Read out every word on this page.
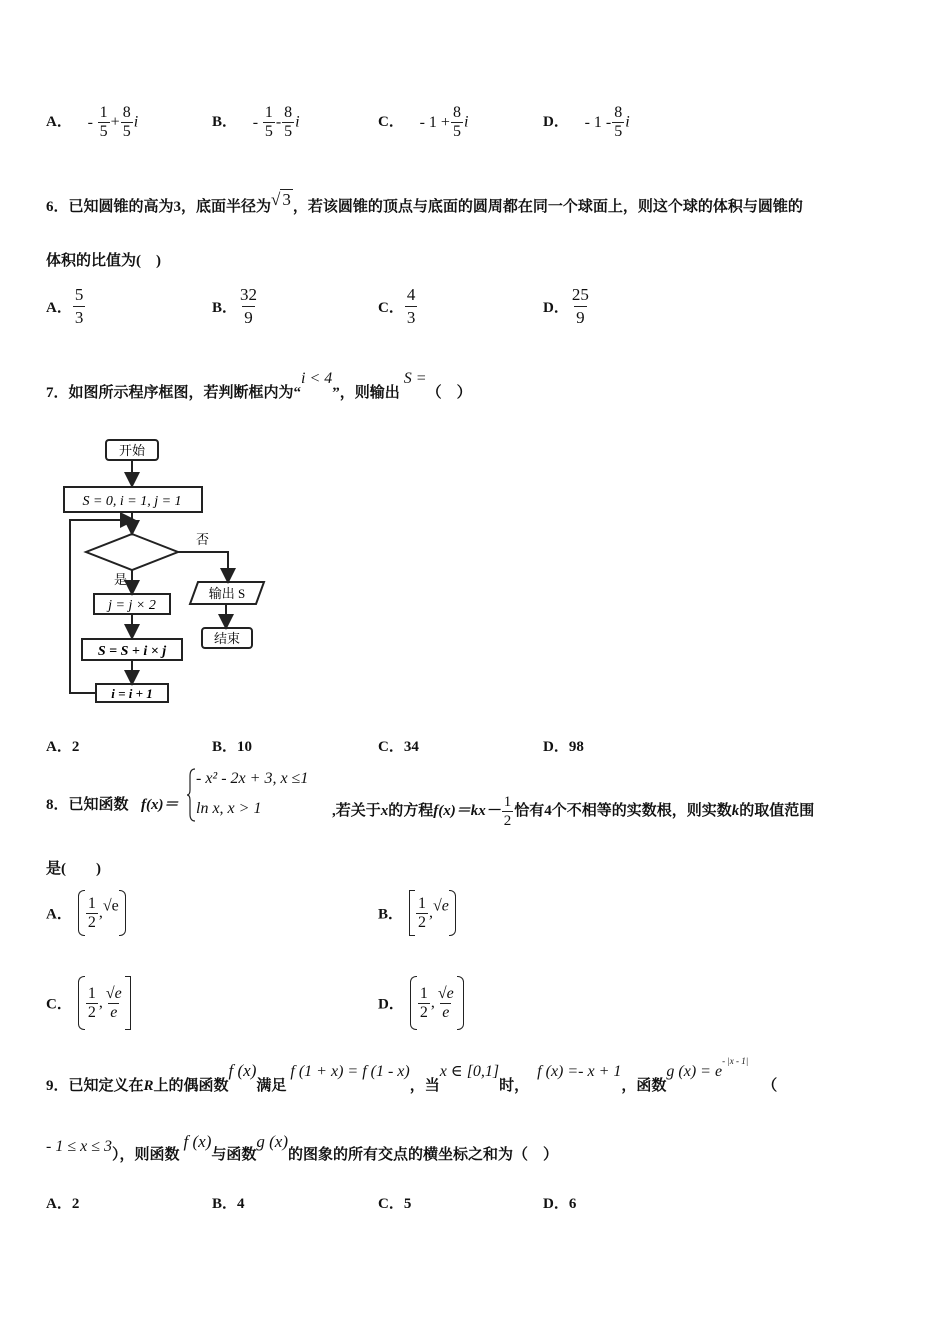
A． - $\frac{1}{5} + \frac{8}{5}$ i	B． - $\frac{1}{5} - \frac{8}{5}$ i	C． - $1 + \frac{8}{5}$ i	D． - $1 - \frac{8}{5}$ i
6．已知圆锥的高为3，底面半径为√ 3 ，若该圆锥的顶点与底面的圆周都在同一个球面上，则这个球的体积与圆锥的
体积的比值为(　)
A． $\frac{5}{3}$	B． $\frac{32}{9}$	C． $\frac{4}{3}$	D． $\frac{25}{9}$
7．如图所示程序框图，若判断框内为“i < 4”，则输出S =（　）
开始
S = 0, i = 1, j = 1
否
是
输出 S
结束
j = j × 2
S = S + i × j
i = i + 1
A．2	B．10	C．34	D．98
8．已知函数 f(x)＝
- x² - 2x + 3, x ≤1
ln x, x > 1	,若关于x的方程$f(x)=kx- \frac{1}{2}$ 恰有4个不相等的实数根，则实数k的取值范围
是(　　)
A． $\frac{1}{2} ,√e$
B． $\frac{1}{2} ,√e$
C． $\frac{1}{2}$ , $\frac{√e}{e}$	D． $\frac{1}{2}$ , $\frac{√e}{e}$
9．已知定义在R上的偶函数f (x)满足f (1 + x) = f (1 - x)，当x ∈ [0,1]时，f (x) =- x + 1，函数g $(x) = e^{- |x - 1|}$（
- 1 ≤ x ≤ 3），则函数f (x)与函数g (x)的图象的所有交点的横坐标之和为（　）
A．2	B．4	C．5	D．6
